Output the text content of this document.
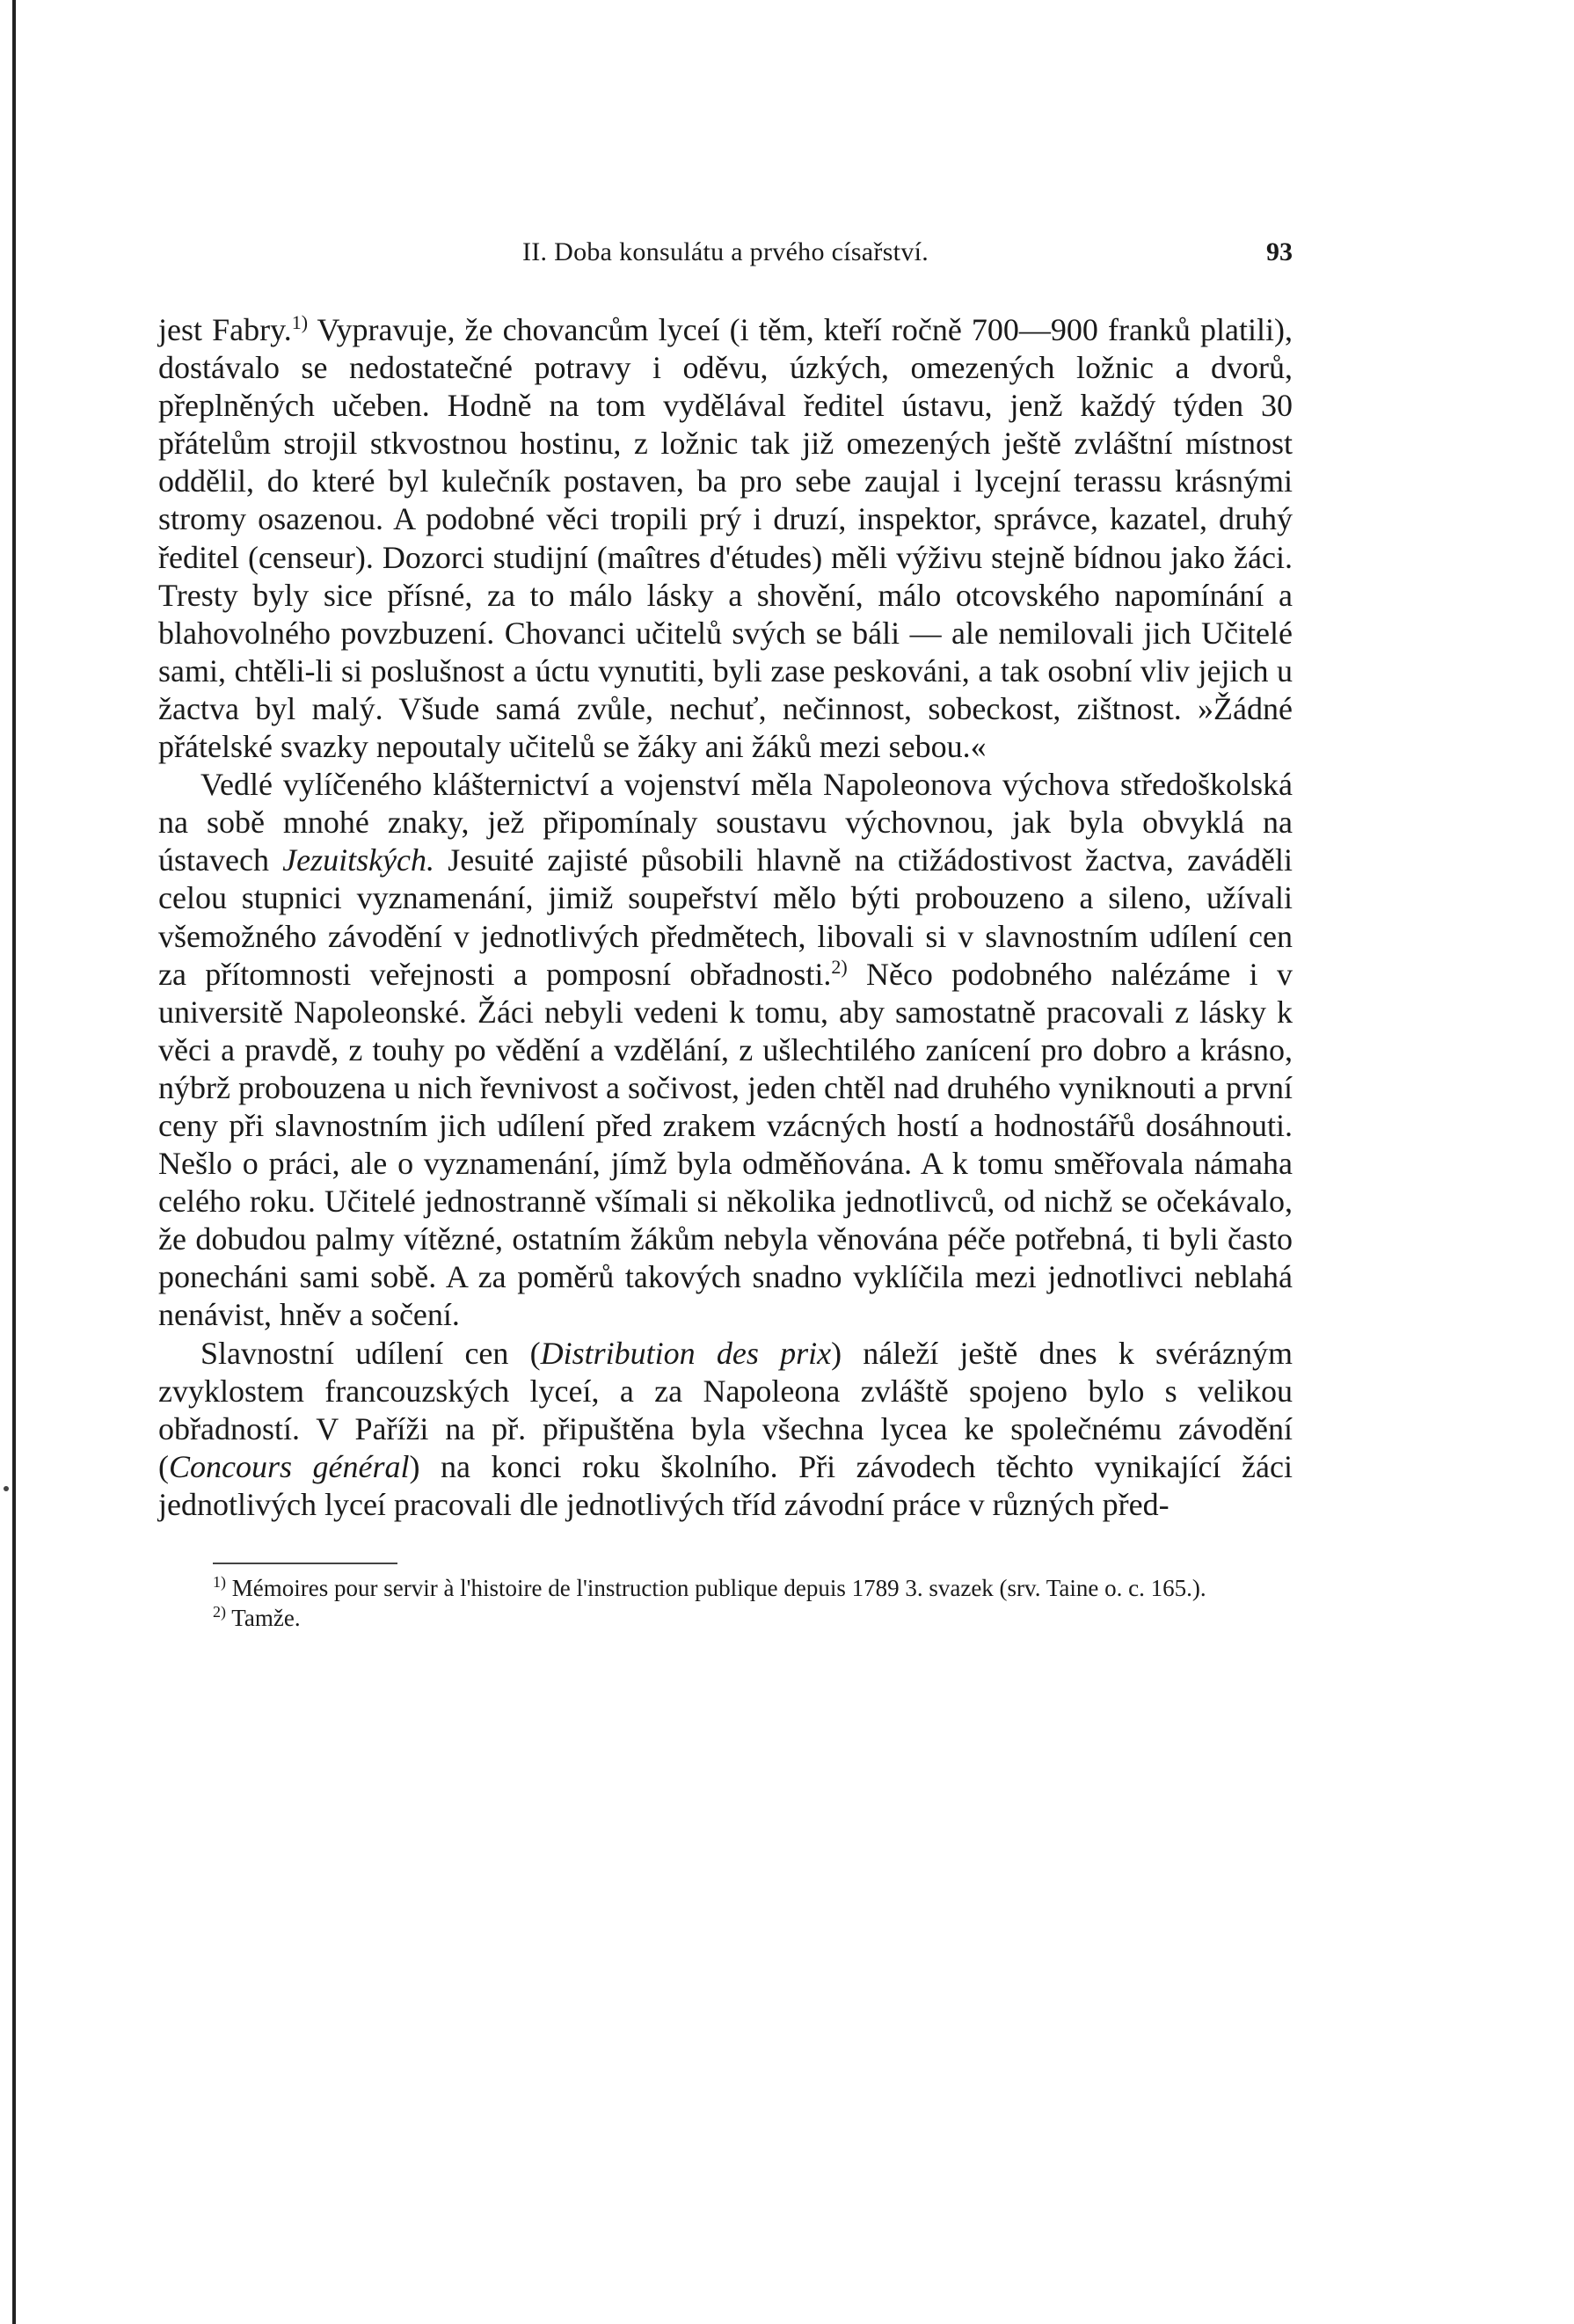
II. Doba konsulátu a prvého císařství.	93

jest Fabry.$^{1)}$ Vypravuje, že chovancům lyceí (i těm, kteří ročně 700—900 franků platili), dostávalo se nedostatečné potravy i oděvu, úzkých, omezených ložnic a dvorů, přeplněných učeben. Hodně na tom vydělával ředitel ústavu, jenž každý týden 30 přátelům strojil stkvostnou hostinu, z ložnic tak již omezených ještě zvláštní místnost oddělil, do které byl kulečník postaven, ba pro sebe zaujal i lycejní terassu krásnými stromy osazenou. A podobné věci tropili prý i druzí, inspektor, správce, kazatel, druhý ředitel (censeur). Dozorci studijní (maîtres d'études) měli výživu stejně bídnou jako žáci. Tresty byly sice přísné, za to málo lásky a shovění, málo otcovského napomínání a blahovolného povzbuzení. Chovanci učitelů svých se báli — ale nemilovali jich Učitelé sami, chtěli-li si poslušnost a úctu vynutiti, byli zase peskováni, a tak osobní vliv jejich u žactva byl malý. Všude samá zvůle, nechuť, nečinnost, sobeckost, zištnost. »Žádné přátelské svazky nepoutaly učitelů se žáky ani žáků mezi sebou.«

Vedlé vylíčeného klášternictví a vojenství měla Napoleonova výchova středoškolská na sobě mnohé znaky, jež připomínaly soustavu výchovnou, jak byla obvyklá na ústavech Jezuitských. Jesuité zajisté působili hlavně na ctižádostivost žactva, zaváděli celou stupnici vyznamenání, jimiž soupeřství mělo býti probouzeno a sileno, užívali všemožného závodění v jednotlivých předmětech, libovali si v slavnostním udílení cen za přítomnosti veřejnosti a pomposní obřadnosti.$^{2)}$ Něco podobného nalézáme i v universitě Napoleonské. Žáci nebyli vedeni k tomu, aby samostatně pracovali z lásky k věci a pravdě, z touhy po vědění a vzdělání, z ušlechtilého zanícení pro dobro a krásno, nýbrž probouzena u nich řevnivost a sočivost, jeden chtěl nad druhého vyniknouti a první ceny při slavnostním jich udílení před zrakem vzácných hostí a hodnostářů dosáhnouti. Nešlo o práci, ale o vyznamenání, jímž byla odměňována. A k tomu směřovala námaha celého roku. Učitelé jednostranně všímali si několika jednotlivců, od nichž se očekávalo, že dobudou palmy vítězné, ostatním žákům nebyla věnována péče potřebná, ti byli často ponecháni sami sobě. A za poměrů takových snadno vyklíčila mezi jednotlivci neblahá nenávist, hněv a sočení.

Slavnostní udílení cen (Distribution des prix) náleží ještě dnes k svérázným zvyklostem francouzských lyceí, a za Napoleona zvláště spojeno bylo s velikou obřadností. V Paříži na př. připuštěna byla všechna lycea ke společnému závodění (Concours général) na konci roku školního. Při závodech těchto vynikající žáci jednotlivých lyceí pracovali dle jednotlivých tříd závodní práce v různých před-

$^{1)}$ Mémoires pour servir à l'histoire de l'instruction publique depuis 1789 3. svazek (srv. Taine o. c. 165.).

$^{2)}$ Tamže.
